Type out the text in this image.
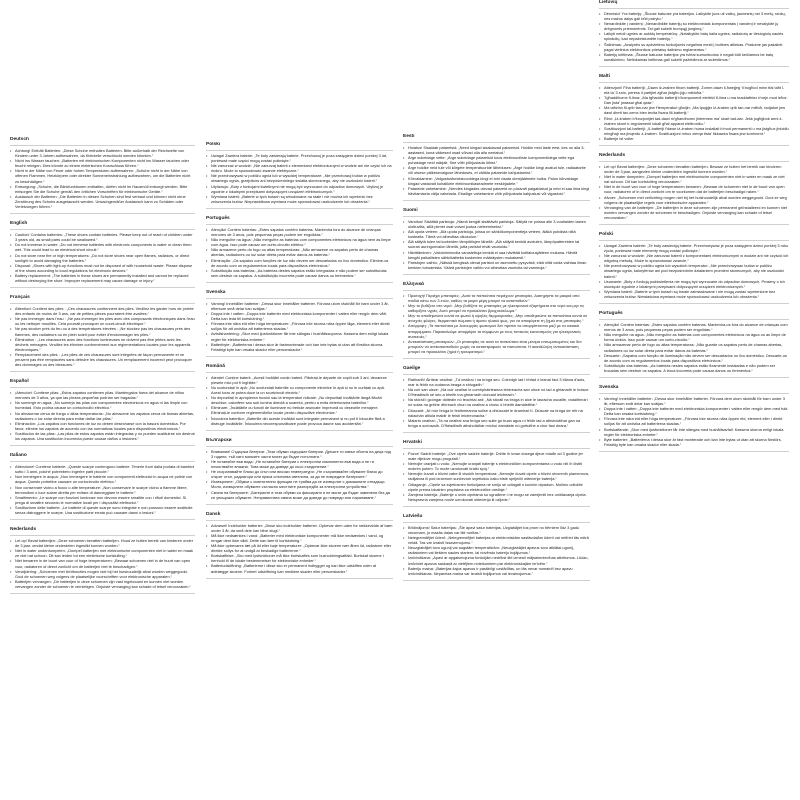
Deutsch
• Achtung! Enthält Batterien: „Diese Schuhe enthalten Batterien. Bitte außerhalb der Reichweite von Kindern unter 3 Jahren aufbewahren, da Kleinteile verschluckt werden könnten.“
• Nicht ins Wasser tauchen: „Batterien mit elektronischen Komponenten nicht ins Wasser tauchen oder feucht reinigen. Dies könnte zu einem elektrischen Kurzschluss führen.“
• Nicht in der Nähe von Feuer oder hohen Temperaturen aufbewahren: „Schuhe nicht in der Nähe von offenen Flammen, Heizkörpern oder direkter Sonneneinstrahlung aufbewahren, um die Batterien nicht zu beschädigen.“
• Entsorgung: „Schuhe, die Blinkfunktionen enthalten, dürfen nicht im Hausmüll entsorgt werden. Bitte entsorgen Sie die Schuhe gemäß den örtlichen Vorschriften für elektronische Geräte.“
• Austausch der Batterien: „Die Batterien in diesen Schuhen sind fest verbaut und können nicht ohne Zerstörung des Schuhs ausgetauscht werden. Unsachgemäßer Austausch kann zu Schäden oder Verletzungen führen.“
English
• Caution! Contains batteries: „These shoes contain batteries. Please keep out of reach of children under 3 years old, as small parts could be swallowed.“
• Do not immerse in water: „Do not immerse batteries with electronic components in water or clean them wet. This could lead to an electrical short circuit.“
• Do not store near fire or high temperatures: „Do not store shoes near open flames, radiators, or direct sunlight to avoid damaging the batteries.“
• Disposal: „Shoes with light-up functions must not be disposed of with household waste. Please dispose of the shoes according to local regulations for electronic devices.“
• Battery replacement: „The batteries in these shoes are permanently installed and cannot be replaced without destroying the shoe. Improper replacement may cause damage or injury.“
Français
• Attention! Contient des piles : „Ces chaussures contiennent des piles. Veuillez les garder hors de portée des enfants de moins de 3 ans, car de petites pièces pourraient être avalées.“
• Ne pas immerger dans l'eau : „Ne pas immerger les piles avec des composants électroniques dans l'eau ou les nettoyer mouillés. Cela pourrait provoquer un court-circuit électrique.“
• Ne pas stocker près du feu ou à des températures élevées : „Ne stockez pas les chaussures près des flammes, des radiateurs ou en plein soleil pour éviter d'endommager les piles.“
• Élimination : „Les chaussures avec des fonctions lumineuses ne doivent pas être jetées avec les déchets ménagers. Veuillez les éliminer conformément aux réglementations locales pour les appareils électroniques.“
• Remplacement des piles : „Les piles de ces chaussures sont intégrées de façon permanente et ne peuvent pas être remplacées sans détruire les chaussures. Un remplacement incorrect peut provoquer des dommages ou des blessures.“
Español
• ¡Atención! Contiene pilas: „Estos zapatos contienen pilas. Manténgalos fuera del alcance de niños menores de 3 años, ya que las piezas pequeñas podrían ser tragadas.“
• No sumergir en agua: „No sumerja las pilas con componentes electrónicos en agua ni las limpie con humedad. Esto podría causar un cortocircuito eléctrico.“
• No almacenar cerca de fuego o altas temperaturas: „No almacene los zapatos cerca de llamas abiertas, radiadores o luz solar directa para evitar dañar las pilas.“
• Eliminación: „Los zapatos con funciones de luz no deben desecharse con la basura doméstica. Por favor, elimine los zapatos de acuerdo con las normativas locales para dispositivos electrónicos.“
• Sustitución de las pilas: „Las pilas de estos zapatos están integradas y no pueden sustituirse sin destruir los zapatos. Una sustitución incorrecta puede causar daños o lesiones.“
Italiano
• Attenzione! Contiene batterie: „Queste scarpe contengono batterie. Tenerle fuori dalla portata di bambini sotto i 3 anni, poiché potrebbero ingerire parti piccole.“
• Non immergere in acqua: „Non immergere le batterie con componenti elettronici in acqua né pulirle con acqua. Questo potrebbe causare un cortocircuito elettrico.“
• Non conservare vicino a fuoco o alte temperature: „Non conservare le scarpe vicino a fiamme libere, termosifoni o luce solare diretta per evitare di danneggiare le batterie.“
• Smaltimento: „Le scarpe con funzioni luminose non devono essere smaltite con i rifiuti domestici. Si prega di smaltire secondo le normative locali per i dispositivi elettronici.“
• Sostituzione delle batterie: „Le batterie di queste scarpe sono integrate e non possono essere sostituite senza distruggere le scarpe. Una sostituzione errata può causare danni o lesioni.“
Nederlands
• Let op! Bevat batterijen: „Deze schoenen bevatten batterijen. Houd ze buiten bereik van kinderen onder de 3 jaar, omdat kleine onderdelen ingeslikt kunnen worden.“
• Niet in water onderdompelen: „Dompel batterijen met elektronische componenten niet in water en maak ze niet nat schoon. Dit kan leiden tot een elektrische kortsluiting.“
• Niet bewaren in de buurt van vuur of hoge temperaturen: „Bewaar schoenen niet in de buurt van open vuur, radiatoren of direct zonlicht om de batterijen niet te beschadigen.“
• Verwijdering: „Schoenen met lichtfuncties mogen niet bij het huishoudelijk afval worden weggegooid. Gooi de schoenen weg volgens de plaatselijke voorschriften voor elektronische apparaten.“
• Batterijen vervangen: „De batterijen in deze schoenen zijn vast ingebouwd en kunnen niet worden vervangen zonder de schoenen te vernietigen. Onjuiste vervanging kan schade of letsel veroorzaken.“
Polski
• Uwaga! Zawiera baterie: „Te buty zawierają baterie. Przechowuj je poza zasięgiem dzieci poniżej 3 lat, ponieważ małe części mogą zostać połknięte.“
• Nie zanurzać w wodzie: „Nie zanurzaj baterii z elementami elektronicznymi w wodzie ani nie czyść ich na mokro. Może to spowodować zwarcie elektryczne.“
• Nie przechowywać w pobliżu ognia lub w wysokiej temperaturze: „Nie przechowuj butów w pobliżu otwartego ognia, grzejników ani bezpośredniego światła słonecznego, aby nie uszkodzić baterii.“
• Utylizacja: „Buty z funkcjami świetlnymi nie mogą być wyrzucane do odpadów domowych. Utylizuj je zgodnie z lokalnymi przepisami dotyczącymi urządzeń elektronicznych.“
• Wymiana baterii: „Baterie w tych butach są wbudowane na stałe i nie można ich wymienić bez zniszczenia butów. Nieprawidłowa wymiana może spowodować uszkodzenie lub obrażenia.“
Português
• Atenção! Contém baterias: „Estes sapatos contêm baterias. Mantenha fora do alcance de crianças menores de 3 anos, pois pequenas peças podem ser engolidas.“
• Não mergulhe na água: „Não mergulhe as baterias com componentes eletrónicos na água nem as limpe com água. Isso pode causar um curto-circuito elétrico.“
• Não armazene perto do fogo ou altas temperaturas: „Não armazene os sapatos perto de chamas abertas, radiadores ou luz solar direta para evitar danos às baterias.“
• Eliminação: „Os sapatos com funções de luz não devem ser descartados no lixo doméstico. Elimine-os de acordo com os regulamentos locais para dispositivos eletrónicos.“
• Substituição das baterias: „As baterias destes sapatos estão integradas e não podem ser substituídas sem destruir os sapatos. A substituição incorreta pode causar danos ou ferimentos.“
Svenska
• Varning! Innehåller batterier: „Dessa skor innehåller batterier. Förvara utom räckhåll för barn under 3 år, eftersom små delar kan sväljas.“
• Doppa inte i vatten: „Doppa inte batterier med elektroniska komponenter i vatten eller rengör dem vått. Detta kan leda till kortslutning.“
• Förvara inte nära eld eller höga temperaturer: „Förvara inte skorna nära öppen låga, element eller direkt solljus för att undvika att batterierna skadas.“
• Avfallshantering: „Skor med ljusfunktioner får inte slängas i hushållssoporna. Kassera dem enligt lokala regler för elektroniska enheter.“
• Batteribyte: „Batterierna i dessa skor är fastmonterade och kan inte bytas ut utan att förstöra skorna. Felaktigt byte kan orsaka skador eller personskador.“
Română
• Atenție! Conține baterii: „Acești încălțări conțin baterii. Păstrați-le departe de copiii sub 3 ani, deoarece piesele mici pot fi înghițite.“
• Nu scufundați în apă: „Nu scufundați bateriile cu componente electrice în apă și nu le curățați cu apă. Acest lucru ar putea duce la un scurtcircuit electric.“
• Nu depozitați în apropierea focului sau la temperaturi ridicate: „Nu depozitați încălțările lângă flăcări deschise, calorifere sau sub lumina directă a soarelui, pentru a evita deteriorarea bateriilor.“
• Eliminare: „Încălțările cu funcții de iluminare nu trebuie aruncate împreună cu deșeurile menajere. Eliminați-le conform reglementărilor locale pentru dispozitive electronice.“
• Înlocuirea bateriilor: „Bateriile din aceste încălțări sunt integrate permanent și nu pot fi înlocuite fără a distruge încălțările. Înlocuirea necorespunzătoare poate provoca daune sau accidentări.“
Български
• Внимание! Съдържа батерии: „Тези обувки съдържат батерии. Дръжте ги извън обсега на деца под 3 години, тъй като малките части могат да бъдат погълнати.“
• Не потапяйте във вода: „Не потапяйте батерии с електронни компоненти във вода и не ги почиствайте влажни. Това може да доведе до късо съединение.“
• Не съхранявайте близо до огън или високи температури: „Не съхранявайте обувките близо до открит огън, радиатори или пряка слънчева светлина, за да не повредите батериите.“
• Изхвърляне: „Обувки с осветителни функции не трябва да се изхвърлят с домашните отпадъци. Моля, изхвърлете обувките съгласно местните разпоредби за електронни устройства.“
• Смяна на батериите: „Батериите в тези обувки са фиксирани и не могат да бъдат заменени без да се унищожат обувките. Неправилната смяна може да доведе до повреди или нараняване.“
Dansk
• Advarsel! Indeholder batterier: „Disse sko indeholder batterier. Opbevar dem uden for rækkevidde af børn under 3 år, da små dele kan blive slugt.“
• Må ikke nedsænkes i vand: „Batterier med elektroniske komponenter må ikke nedsænkes i vand, og rengør dem ikke vådt. Dette kan føre til kortslutning.“
• Må ikke opbevares tæt på ild eller høje temperaturer: „Opbevar ikke skoene nær åben ild, radiatorer eller direkte sollys for at undgå at beskadige batterierne.“
• Bortskaffelse: „Sko med lysfunktioner må ikke bortskaffes som husholdningsaffald. Bortskaf skoene i henhold til de lokale bestemmelser for elektroniske enheder.“
• Batteriudskiftning: „Batterierne i disse sko er permanent indbygget og kan ikke udskiftes uden at ødelægge skoene. Forkert udskiftning kan medføre skader eller personskader.“
Eesti
• Hoiatus! Sisaldab patareisid: „Need kingad sisaldavad patareisid. Hoidke neid laste eest, kes on alla 3-aastased, kuna väikesed osad võivad olla alla neelatud.“
• Ärge sukeldage vette: „Ärge sukeldage patareisid koos elektrooniliste komponentidega vette ega puhastage neid märjalt. See võib põhjustada lühist.“
• Ärge hoidke neid tule või kõrgete temperatuuride läheduses: „Ärge hoidke kingi avatud tule, radiaatorite või otsese päikesevalguse läheduses, et vältida patareide kahjustamist.“
• Kõrvaldamine: „Valgustusfunktsioonidega kingi ei tohi visata olmejäätmete hulka. Palun kõrvaldage kingad vastavalt kohalikele elektroonikaseadmete eeskirjadele.“
• Patareide vahetamine: „Nendes kingades olevad patareid on püsivalt paigaldatud ja neid ei saa ilma kingi hävitamiseta välja vahetada. Ebaõige vahetamine võib põhjustada kahjustusi või vigastusi.“
Suomi
• Varoitus! Sisältää paristoja: „Nämä kengät sisältävät paristoja. Säilytä ne poissa alle 3-vuotiaiden lasten ulottuvilta, sillä pienet osat voivat joutua nieleemiseksi.“
• Älä upota veteen: „Älä upota paristoja, joissa on sähkökomponentteja veteen, äläkä puhdista niitä kostealla. Tämä voi aiheuttaa oikosulun.“
• Älä säilytä tulen tai korkeiden lämpötilojen lähellä: „Älä säilytä kenkiä avotulen, lämpöpattereiden tai suoran auringonvalon lähellä, jotta paristot eivät vaurioidu.“
• Hävittäminen: „Valotoiminnolla varustettuja kenkiä ei saa hävittää kotitalousjätteen mukana. Hävitä kengät paikallisten sähkölaitteita koskevien määräysten mukaisesti.“
• Paristojen vaihto: „Näissä kengissä olevat paristot on asennettu pysyvästi, eikä niitä voida vaihtaa ilman kenkien tuhoamista. Väärä paristojen vaihto voi aiheuttaa vaurioita tai vammoja.“
Ελληνικά
• Προσοχή! Περιέχει μπαταρίες: „Αυτά τα παπούτσια περιέχουν μπαταρίες. Διατηρήστε τα μακριά από παιδιά κάτω των 3 ετών, καθώς τα μικρά μέρη μπορεί να καταποθούν.“
• Μην το βυθίζετε στο νερό: „Μην βυθίζετε τις μπαταρίες με ηλεκτρονικά εξαρτήματα στο νερό και μην τις καθαρίζετε υγρές. Αυτό μπορεί να προκαλέσει βραχυκύκλωμα.“
• Μην το αποθηκεύετε κοντά σε φωτιά ή υψηλές θερμοκρασίες: „Μην αποθηκεύετε τα παπούτσια κοντά σε ανοιχτές φλόγες, θερμαντικά σώματα ή άμεσο ηλιακό φως, για να αποφύγετε τη ζημιά στις μπαταρίες.“
• Απόρριψη: „Τα παπούτσια με λειτουργίες φωτισμού δεν πρέπει να απορρίπτονται μαζί με τα οικιακά απορρίμματα. Παρακαλούμε απορρίψτε τα σύμφωνα με τους τοπικούς κανονισμούς για ηλεκτρονικές συσκευές.“
• Αντικατάσταση μπαταριών: „Οι μπαταρίες σε αυτά τα παπούτσια είναι μόνιμα ενσωματωμένες και δεν μπορούν να αντικατασταθούν χωρίς να καταστραφούν τα παπούτσια. Η ακατάλληλη αντικατάσταση μπορεί να προκαλέσει ζημιά ή τραυματισμό.“
Gaeilge
• Rabhadh! Áirítear ceallraí: „Tá ceallraí i na bróga seo. Coinnigh iad i bhfad ó leanaí faoi 3 bliana d'aois, mar is féidir na codanna beaga a shlogadh.“
• Ná cuir san uisce: „Ná cuir ceallraí le comhpháirteanna leictreacha san uisce nó iad a ghlanadh le huisce. D'fhéadfadh sé seo a bheith ina ghearradh ciorcaid leictreach.“
• Ná stóráil i gcóngar dóiteáin nó teochtaí ard: „Ná stóráil na bróga in aice le lasracha oscailte, radaitheoirí nó solas na gréine dhíreach chun na ceallraí a chosc ó bheith damáistithe.“
• Diúscairt: „Ní mór bróga le feidhmeanna soilse a dhiúscairt le dramhaíl tí. Diúscair na bróga de réir na rialachán áitiúla maidir le feistí leictreonacha.“
• Malartú ceallraí: „Tá na ceallraí sna bróga seo suite go buan agus ní féidir iad a athsholáthar gan na bróga a scriosadh. D'fhéadfadh athsholáthar míchuí damáiste nó gortuithe a chur faoi deara.“
Hrvatski
• Pozor! Sadrži baterije: „Ove cipele sadrže baterije. Držite ih izvan dosega djece mlađe od 3 godine jer male dijelove mogu progutati.“
• Nemojte uranjati u vodu: „Nemojte uranjati baterije s elektroničkim komponentama u vodu niti ih čistiti mokrim putem. To može uzrokovati kratki spoj.“
• Nemojte čuvati u blizini vatre ili visokih temperatura: „Nemojte čuvati cipele u blizini otvorenih plamenova, radijatora ili pod izravnom sunčevom svjetlošću kako biste spriječili oštećenje baterija.“
• Odlaganje: „Cipele sa svjetlosnim funkcijama ne smiju se odlagati s kućnim otpadom. Molimo odložite cipele prema lokalnim propisima za elektroničke uređaje.“
• Zamjena baterija: „Baterije u ovim cipelama su ugrađene i ne mogu se zamijeniti bez uništavanja cipela. Neispravna zamjena može uzrokovati oštećenja ili ozljede.“
Latviešu
• Brīdinājums! Satur baterijas: „Šie apavi satur baterijas. Uzglabājiet tos prom no bērniem līdz 3 gadu vecumam, jo mazās daļas var tikt norītas.“
• Neiegremdējiet ūdenī: „Neiegremdējiet baterijas ar elektroniskām sastāvdaļām ūdenī vai netīriet tās mitrā veidā. Tas var izraisīt īssavienojumu.“
• Neuzglabājiet tuvu ugunij vai augstām temperatūrām: „Neuzglabājiet apavus tuvu atklātai ugunij, radiatoriem vai tiešiem saules stariem, lai novērstu bateriju bojājumus.“
• Iznīcināšana: „Apavi ar apgaismojuma funkcijām nedrīkst tikt izmesti mājsaimniecības atkritumos. Lūdzu, iznīciniet apavus saskaņā ar vietējiem noteikumiem par elektroniskajām ierīcēm.“
• Bateriju maiņa: „Baterijas šajos apavos ir pastāvīgi uzstādītas, un tās nevar nomainīt bez apavu iznīcināšanas. Nepareiza maiņa var izraisīt bojājumus vai ievainojumus.“
Lietuvių
• Dėmesio! Yra baterijų: „Šiuose batuose yra baterijos. Laikykite juos už vaikų, jaunesnių nei 3 metų, rankų, nes mažos dalys gali būti praryto.“
• Nenardinkite į vandenį: „Nenardinkite baterijų su elektroniniais komponentais į vandenį ir nevalykite jų drėgnomis priemonėmis. Tai gali sukelti trumpąjį jungimą.“
• Laikyti netoli ugnies ar aukštų temperatūrų: „Nelaikykite batų šalia ugnies, radiatorių ar tiesioginių saulės spindulių, kad nepažeistumėte baterijų.“
• Šalinimas: „Avalynės su apšvietimo funkcijomis negalima mesti į buitines atliekas. Prašome jas pašalinti pagal vietinius elektronikos prietaisų šalinimo reglamentus.“
• Baterijų keitimas: „Šiuose batuose baterijos yra tvirtai sumontuotos ir negali būti keičiamos be batų sunaikinimo. Netinkamas keitimas gali sukelti pažeidimus ar sužeidimus.“
Malti
• Attenzjoni! Fiha batteriji: „Dawn iż-żraben fihom batteriji. Żomm dawn il-ħwejjeġ 'il bogħod minn tfal taħt l-età ta' 3 snin, peress li partijiet żgħar jistgħu jiġu mibluħa.“
• Tgħaddihomx fl-ilma: „Ma tgħaddix batteriji b'komponenti elettriċi fl-ilma u ma tnaddafhiex b'xejn mod ieħor. Dan jista' jwassal għal qasir.“
• Ma taħżinx fil-qrib tan-nar jew f'temperaturi għoljin: „Ma tpoġġix iż-żraben qrib tan-nar miftuħ, radjaturi jew dawl dirett tax-xemx biex tevita ħsara lill-batteriji.“
• Rimi: „Iż-żraben b'funzjonijiet tad-dawl m'għandhomx jintremew ma' skart tad-dar. Jekk jogħġbok armi ż-żraben skont ir-regolamenti lokali għal apparat elettroniku.“
• Sostituzzjoni tal-batteriji: „Il-batteriji f'dawn iż-żraben huma installati b'mod permanenti u ma jistgħux jinbidlu mingħajr ma jinqerdu ż-żraben. Sostituzzjoni mhux xierqa tista' tikkawża ħsara jew korriment.“
• Batterije ist voller
Nederlands
• Let op! Bevat batterijen: „Deze schoenen bevatten batterijen. Bewaar ze buiten het bereik van kinderen onder de 3 jaar, aangezien kleine onderdelen ingeslikt kunnen worden.“
• Niet in water dompelen: „Dompel batterijen met elektronische componenten niet in water en maak ze niet nat schoon. Dit kan kortsluiting veroorzaken.“
• Niet in de buurt van vuur of hoge temperaturen bewaren: „Bewaar de schoenen niet in de buurt van open vuur, radiatoren of in direct zonlicht om te voorkomen dat de batterijen beschadigd raken.“
• Afvoer: „Schoenen met verlichting mogen niet bij het huishoudelijk afval worden weggegooid. Gooi ze weg volgens de plaatselijke regels voor elektronische apparaten.“
• Vervanging van de batterijen: „De batterijen in deze schoenen zijn permanent geïnstalleerd en kunnen niet worden vervangen zonder de schoenen te beschadigen. Onjuiste vervanging kan schade of letsel veroorzaken.“
Polski
• Uwaga! Zawiera baterie: „Te buty zawierają baterie. Przechowywać je poza zasięgiem dzieci poniżej 3 roku życia, ponieważ małe elementy mogą zostać połknięte.“
• Nie zanurzać w wodzie: „Nie zanurzać baterii z komponentami elektronicznymi w wodzie ani nie czyścić ich wilgotną metodą. Może to spowodować zwarcie.“
• Nie przechowywać w pobliżu ognia lub wysokich temperatur: „Nie przechowywać butów w pobliżu otwartego ognia, kaloryferów ani pod bezpośrednim działaniem promieni słonecznych, aby nie uszkodzić baterii.“
• Usuwanie: „Buty z funkcją podświetlenia nie mogą być wyrzucane do odpadów domowych. Prosimy o ich usunięcie zgodnie z lokalnymi przepisami dotyczącymi urządzeń elektronicznych.“
• Wymiana baterii: „Baterie w tych butach są trwale zainstalowane i nie mogą zostać wymienione bez zniszczenia butów. Niewłaściwa wymiana może spowodować uszkodzenia lub obrażenia.“
Português
• Atenção! Contém baterias: „Estes sapatos contêm baterias. Mantenha-os fora do alcance de crianças com menos de 3 anos, pois pequenas peças podem ser engolidas.“
• Não mergulhe na água: „Não mergulhe as baterias com componentes eletrónicos na água ou as limpe de forma úmida. Isso pode causar um curto-circuito.“
• Não armazenar perto de fogo ou altas temperaturas: „Não guarde os sapatos perto de chamas abertas, radiadores ou luz solar direta para evitar danos às baterias.“
• Descarte: „Sapatos com função de iluminação não devem ser descartados no lixo doméstico. Descarte-os de acordo com os regulamentos locais para dispositivos eletrónicos.“
• Substituição das baterias: „As baterias nestes sapatos estão fixamente instaladas e não podem ser trocadas sem destruir os sapatos. A troca incorreta pode causar danos ou ferimentos.“
Svenska
• Varning! Innehåller batterier: „Dessa skor innehåller batterier. Förvara dem utom räckhåll för barn under 3 år, eftersom små delar kan sväljas.“
• Doppa inte i vatten: „Doppa inte batterier med elektroniska komponenter i vatten eller rengör dem med fukt. Detta kan orsaka kortslutning.“
• Förvara inte nära eld eller höga temperaturer: „Förvara inte skorna nära öppen eld, element eller i direkt solljus för att undvika att batterierna skadas.“
• Bortskaffande: „Skor med ljusfunktioner får inte slängas med hushållsavfall. Kassera skorna enligt lokala regler för elektroniska enheter.“
• Byte batterier: „Batterierna i dessa skor är fast monterade och kan inte bytas ut utan att skorna förstörs. Felaktig byte kan orsaka skador eller skada.“
